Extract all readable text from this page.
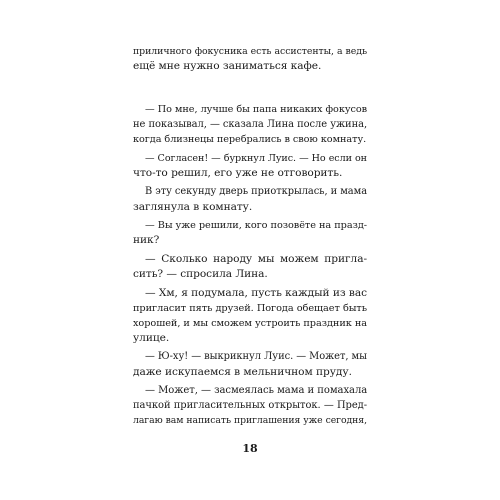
приличного фокусника есть ассистенты, а ведь
ещё мне нужно заниматься кафе.

— По мне, лучше бы папа никаких фокусов
не показывал, — сказала Лина после ужина,
когда близнецы перебрались в свою комнату.

— Согласен! — буркнул Луис. — Но если он
что-то решил, его уже не отговорить.

В эту секунду дверь приоткрылась, и мама
заглянула в комнату.

— Вы уже решили, кого позовёте на празд-
ник?

— Сколько народу мы можем пригла-
сить? — спросила Лина.

— Хм, я подумала, пусть каждый из вас
пригласит пять друзей. Погода обещает быть
хорошей, и мы сможем устроить праздник на
улице.

— Ю-ху! — выкрикнул Луис. — Может, мы
даже искупаемся в мельничном пруду.

— Может, — засмеялась мама и помахала
пачкой пригласительных открыток. — Пред-
лагаю вам написать приглашения уже сегодня,

18
